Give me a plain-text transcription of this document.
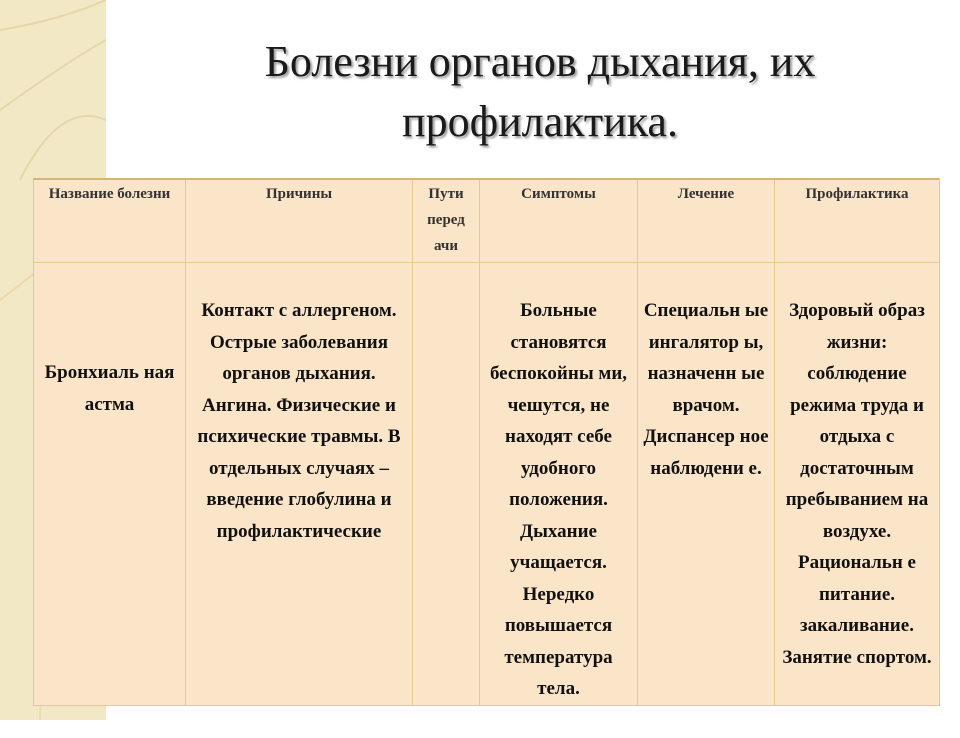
Болезни органов дыхания, их профилактика.
Название болезни	Причины	Пути перед ачи	Симптомы	Лечение	Профилактика
Бронхиаль ная астма	Контакт с аллергеном. Острые заболевания органов дыхания. Ангина. Физические и психические травмы. В отдельных случаях – введение глобулина и профилактические		Больные становятся беспокойны ми, чешутся, не находят себе удобного положения. Дыхание учащается. Нередко повышается температура тела.	Специальн ые ингалятор ы, назначенн ые врачом. Диспансер ное наблюдени е.	Здоровый образ жизни: соблюдение режима труда и отдыха с достаточным пребыванием на воздухе. Рациональн е питание. закаливание. Занятие спортом.
